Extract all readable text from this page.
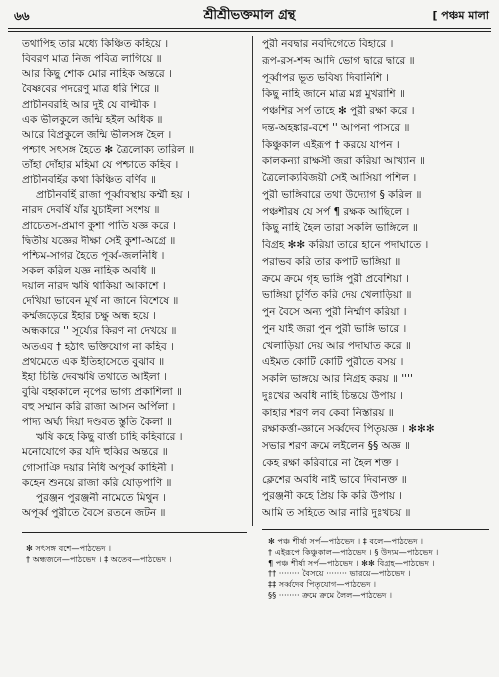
৬৬	শ্রীশ্রীভক্তমাল গ্রন্থ	[ পঞ্চম মালা
তথাপিহ তার মধ্যে কিঞ্চিত কহিয়ে ।
বিবরণ মাত্র নিজ পবিত্র লাগিয়ে ॥
আর কিছু শোক মোর নাহিক অন্তরে ।
বৈষ্ণবের পদরেণু মাত্র ধরি শিরে ॥
প্রাচীনবরহি আর দুই যে বাল্মীক ।
এক ভীলকুলে জন্মি হইল অধিক ॥
আরে বিপ্রকুলে জন্মি ভীলসঙ্গ হৈল ।
পশ্চাৎ সৎসঙ্গ হৈতে ✻ ত্রৈলোক্য তারিল ॥
তাঁহা দোঁহার মহিমা যে পশ্চাতে কহিব ।
প্রাচীনবর্হির কথা কিঞ্চিত বর্ণিব ॥
প্রাচীনবর্হি রাজা পূর্ব্বাবস্থায় কর্ম্মী হয় ।
নারদ দেবর্ষি যাঁর যুচাইলা সংশয় ॥
প্রাচেতস-প্রমাণ কুশা পাতি যজ্ঞ করে ।
দ্বিতীয় যজ্ঞের দীক্ষা সেই কুশা-অগ্রে ॥
পশ্চিম-সাগর হৈতে পূর্ব্ব-জলনিধি ।
সকল করিল যজ্ঞ নাহিক অবধি ॥
দয়াল নারদ ঋষি থাকিয়া আকাশে ।
দেখিয়া ভাবেন মূর্খ না জানে বিশেষে ॥
কর্ম্মজড়েরে ইহার চক্ষু অন্ধ হয়ে ।
অন্ধকারে '' সূর্য্যের কিরণ না দেখয়ে ॥
অতএব † হঠাৎ ভক্তিযোগ না কহিব ।
প্রথমেতে এক ইতিহাসেতে বুঝাব ॥
ইহা চিন্তি দেবঋষি তথাতে আইলা ।
বুঝি বহ্বকালে নৃপের ভাগ্য প্রকাশিলা ॥
বহু সম্মান করি রাজা আসন অর্পিলা ।
পাদ্য অর্ঘ্য দিয়া দণ্ডবত স্তুতি কৈলা ॥
ঋষি কহে কিছু বার্ত্তা চাহি কহিবারে ।
মনোযোগে কর যদি হুব্বির অন্তরে ॥
গোসাঞি দয়ার নিধি অপূর্ব্ব কাহিনী ।
কহেন শুনয়ে রাজা করি যোড়পাণি ॥
পুরঞ্জন পুরঞ্জনী নামেতে মিথুন ।
অপূর্ব্ব পুরীতে বৈসে রতনে জটন ॥
পুরী নবদ্বার নবদিগেতে বিহারে ।
রূপ-রস-শব্দ আদি ভোগ দ্বারে দ্বারে ॥
পূর্ব্বাপর ভূত ভবিষ্য দিবানিশি ।
কিছু নাহি জানে মাত্র মগ্ন মুখরাশি ॥
পঞ্চশির সর্প তাহে ✻ পুরী রক্ষা করে ।
দন্ত-অহঙ্কার-বশে '' আপনা পাসরে ॥
কিঞ্চুকাল এইরূপ † করয়ে যাপন ।
কালকন্যা রাক্ষসী জরা করিয়া আখ্যান ॥
ত্রৈলোক্যবিজয়ী সেই আসিয়া পশিল ।
পুরী ভাঙ্গিবারে তথা উদ্যোগ § করিল ॥
পঞ্চশীরষ যে সর্প ¶ রক্ষক আছিলে ।
কিছু নাহি হৈল তারা সকলি ভাঙ্গিলে ॥
বিগ্রহ ✻✻ করিয়া তারে হানে পদাঘাতে ।
পরাভব করি তার কপাট ভাঙ্গিয়া ॥
ক্রমে ক্রমে গৃহ ভাঙ্গি পুরী প্রবেশিয়া ।
ভাঙ্গিয়া চূর্ণিত করি দেয় খেলাড়িয়া ॥
পুন বৈসে অন্য পুরী নির্ম্মাণ করিয়া ।
পুন যাই জরা পুন পুরী ভাঙ্গি ভারে ।
খেলাড়িয়া দেয় আর পদাঘাত করে ॥
এইমত কোটি কোটি পুরীতে বসয় ।
সকলি ভাঙ্গয়ে আর নিগ্রহ করয় ॥ ''''
দুঃখের অবধি নাহি চিন্তয়ে উপায় ।
কাহার শরণ লব কেবা নিস্তারয় ॥
রক্ষাকর্ত্তা-জ্ঞানে সর্ব্বদেব পিতৃয়জ্ঞ । ✻✻✻
সভার শরণ ক্রমে লইলেন §§ অজ্ঞ ॥
কেহ রক্ষা করিবারে না হৈল শক্ত ।
ক্লেশের অবধি নাই ভাবে দিবানক্ত ॥
পুরঞ্জনী কহে প্রিয় কি করি উপায় ।
আমি ত সহিতে আর নারি দুঃখচয় ॥
✻ সৎসঙ্গ বশে—পাঠভেদ ।
† অন্ধজনে—পাঠভেদ । ‡ অতেব—পাঠভেদ ।
✻ পঞ্চ শীর্ষা সর্প—পাঠভেদ । ‡ বলে—পাঠভেদ ।
† এইরূপে কিঞ্চুকাল—পাঠভেদ । § উদ্যম—পাঠভেদ ।
¶ পঞ্চ শীর্ষা সর্প—পাঠভেদ । ✻✻ বিগ্রহ—পাঠভেদ ।
†† ········ বৈসয়ে ········ ভারয়ে—পাঠভেদ ।
‡‡ সর্ব্বদেব পিতৃযোগ—পাঠভেদ ।
§§ ········ ক্রমে ক্রমে লৈল—পাঠভেদ ।
